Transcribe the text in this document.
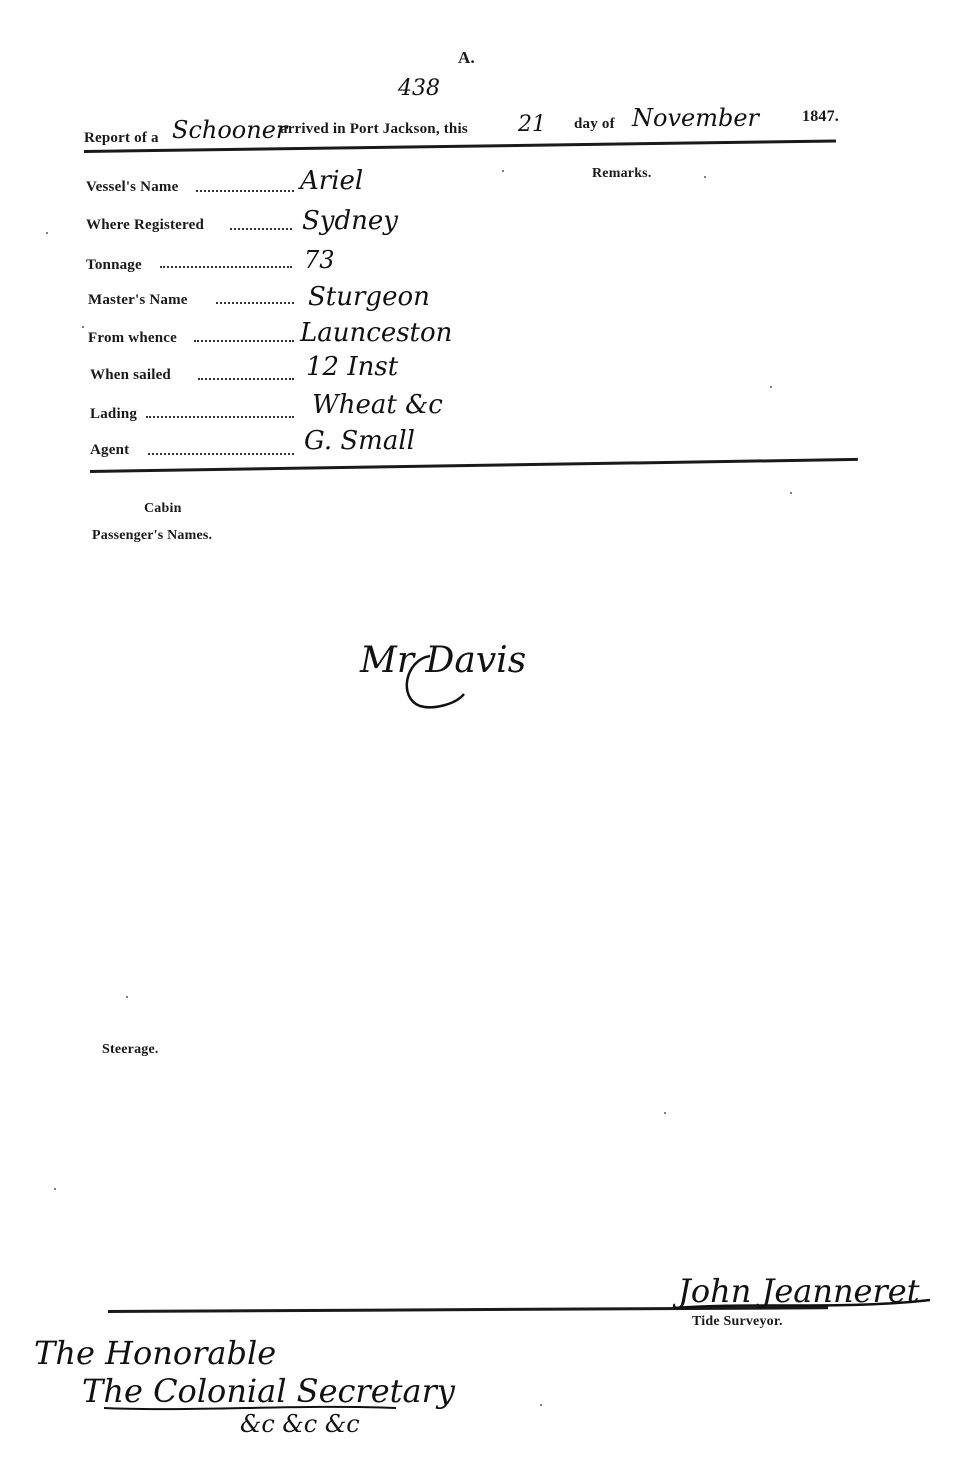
A.
438
Report of a Schooner
arrived in Port Jackson, this 21 day of November	1847.
Remarks.
Vessel's Name	Ariel
Where Registered	Sydney
Tonnage	73
Master's Name	Sturgeon
From whence	Launceston
When sailed	12 Inst
Lading	Wheat &c
Agent	G. Small
Cabin
Passenger's Names.
Mr Davis
Steerage.
John Jeanneret
Tide Surveyor.
The Honorable
The Colonial Secretary
&c &c &c
